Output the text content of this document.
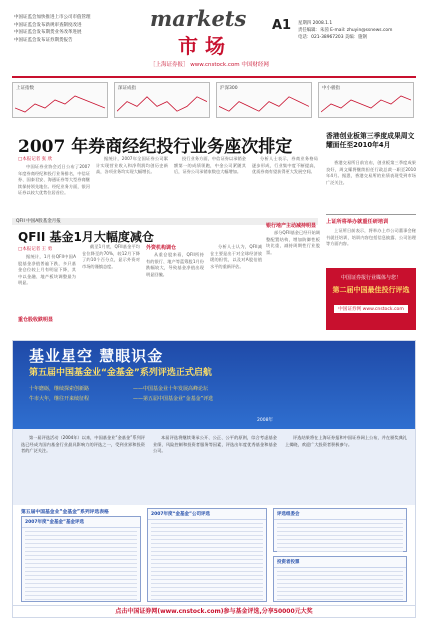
中国证监会加快推进上市公司市值管理
中国证监会发布新规审查制度改进
中国证监会发布期货业务改革进展
中国证监会发布证券期货报告
markets
市 场
［上海证券报］ www.cnstock.com 中国财经网
A1 星期四 2008.1.1
责任编辑：朱茵 E-mail: zhuyin@ssnews.com
电话：021-38967203 美编：施钢
上证指数	深证成指	沪深300	中小板指
2007 年券商经纪投行业务座次排定
□本报记者 张 欣

中国证券业协会近日公布了2007年度券商经纪和投行业务排名，中信证券、国泰君安、海通证券等大型券商继续保持领先地位。经纪业务方面，银河证券以较大优势位居首位。

据统计，2007年全国证券公司累计实现营业收入和净利润均创历史新高，各项业务均实现大幅增长。

投行业务方面，中信证券以承销金额第一的成绩领跑，中金公司紧随其后，证券公司承销家数也大幅增加。

分析人士表示，券商业务格局逐步形成，行业集中度不断提高，优质券商有望获得更大发展空间。

香港创业板第三季度成果周文耀面任至2010年4月

香港交易所日前宣布，创业板第三季度成果良好，周文耀将继续担任行政总裁一职至2010年4月。据悉，香港交易所的业绩表现受到市场广泛关注。

上证所将举办就重任研培训

上证所日前表示，将举办上市公司董事会秘书就任培训，培训内容包括信息披露、公司治理等方面内容。

中国证券报行业媒体与您！
第二届中国最佳投行评选
中国证券网 www.cnstock.com
QFII 中国A股基金月报
QFII 基金1月大幅度减仓
□本报记者 王 勇

据统计，1月份QFII中国A股基金净值普遍下跌，多只基金仓位较上月有明显下降，其中以金融、地产板块调整最为明显。

重仓股收跌明显

截至1月底，QFII基金平均仓位降至约70%，较12月下降了约10个百分点，显示外资对市场的谨慎态度。

外资机构调仓

从重仓股来看，QFII所持有的银行、地产等蓝筹股1月份跌幅较大，导致基金净值出现明显回撤。

分析人士认为，QFII减仓主要是出于对全球经济放缓的担忧，以及对A股估值水平的重新评估。

银行地产主动减持明显

部分QFII基金已经开始调整配置结构，增加防御性板块比重，减持周期性行业股票。

基业星空 慧眼识金
第五届中国基金业“金基金”系列评选正式启航
十年磨砺，继续探索创新路	——中国基金业十年发展高峰论坛
牛市大年，继往开来续征程	——第五届中国基金业“金基金”评选
2008年

第一届评选活动（2004年）以来，中国基金业“金基金”系列评选已经成为国内基金行业最具影响力的评选之一，受到业界和投资者的广泛关注。

本届评选将继续秉承公开、公正、公平的原则，综合考虑基金业绩、风险控制和投资者服务等因素，评选出年度优秀基金和基金公司。

评选结果将在上海证券报和中国证券网上公布，并在颁奖典礼上揭晓，欢迎广大投资者积极参与。

第五届中国基金业“金基金”系列评选表格
2007年度“金基金”基金评选
2007年度“金基金”公司评选	评选组委会
投资者投票
点击中国证券网(www.cnstock.com)参与基金评选,分享50000元大奖
